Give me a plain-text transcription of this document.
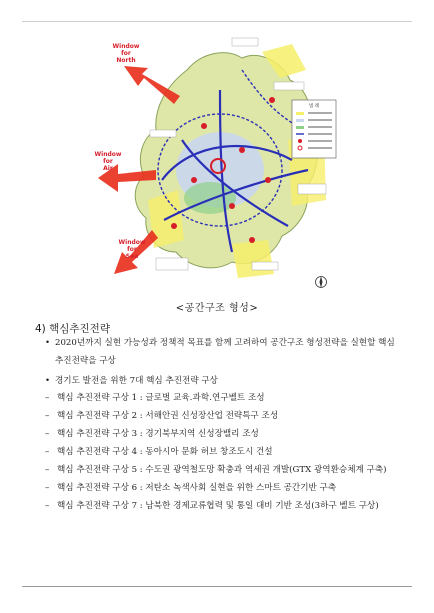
Window for North
Window for Air
Window for Sea
범 례
<공간구조 형성>
4) 핵심추진전략
• 2020년까지 실현 가능성과 정책적 목표를 함께 고려하여 공간구조 형성전략을 실현할 핵심
추진전략을 구상
• 경기도 발전을 위한 7대 핵심 추진전략 구상
– 핵심 추진전략 구상 1 : 글로벌 교육․과학․연구벨트 조성
– 핵심 추진전략 구상 2 : 서해안권 신성장산업 전략특구 조성
– 핵심 추진전략 구상 3 : 경기북부지역 신성장밸리 조성
– 핵심 추진전략 구상 4 : 동아시아 문화 허브 창조도시 건설
– 핵심 추진전략 구상 5 : 수도권 광역철도망 확충과 역세권 개발(GTX 광역환승체계 구축)
– 핵심 추진전략 구상 6 : 저탄소 녹색사회 실현을 위한 스마트 공간기반 구축
– 핵심 추진전략 구상 7 : 남북한 경제교류협력 및 통일 대비 기반 조성(3하구 벨트 구상)
